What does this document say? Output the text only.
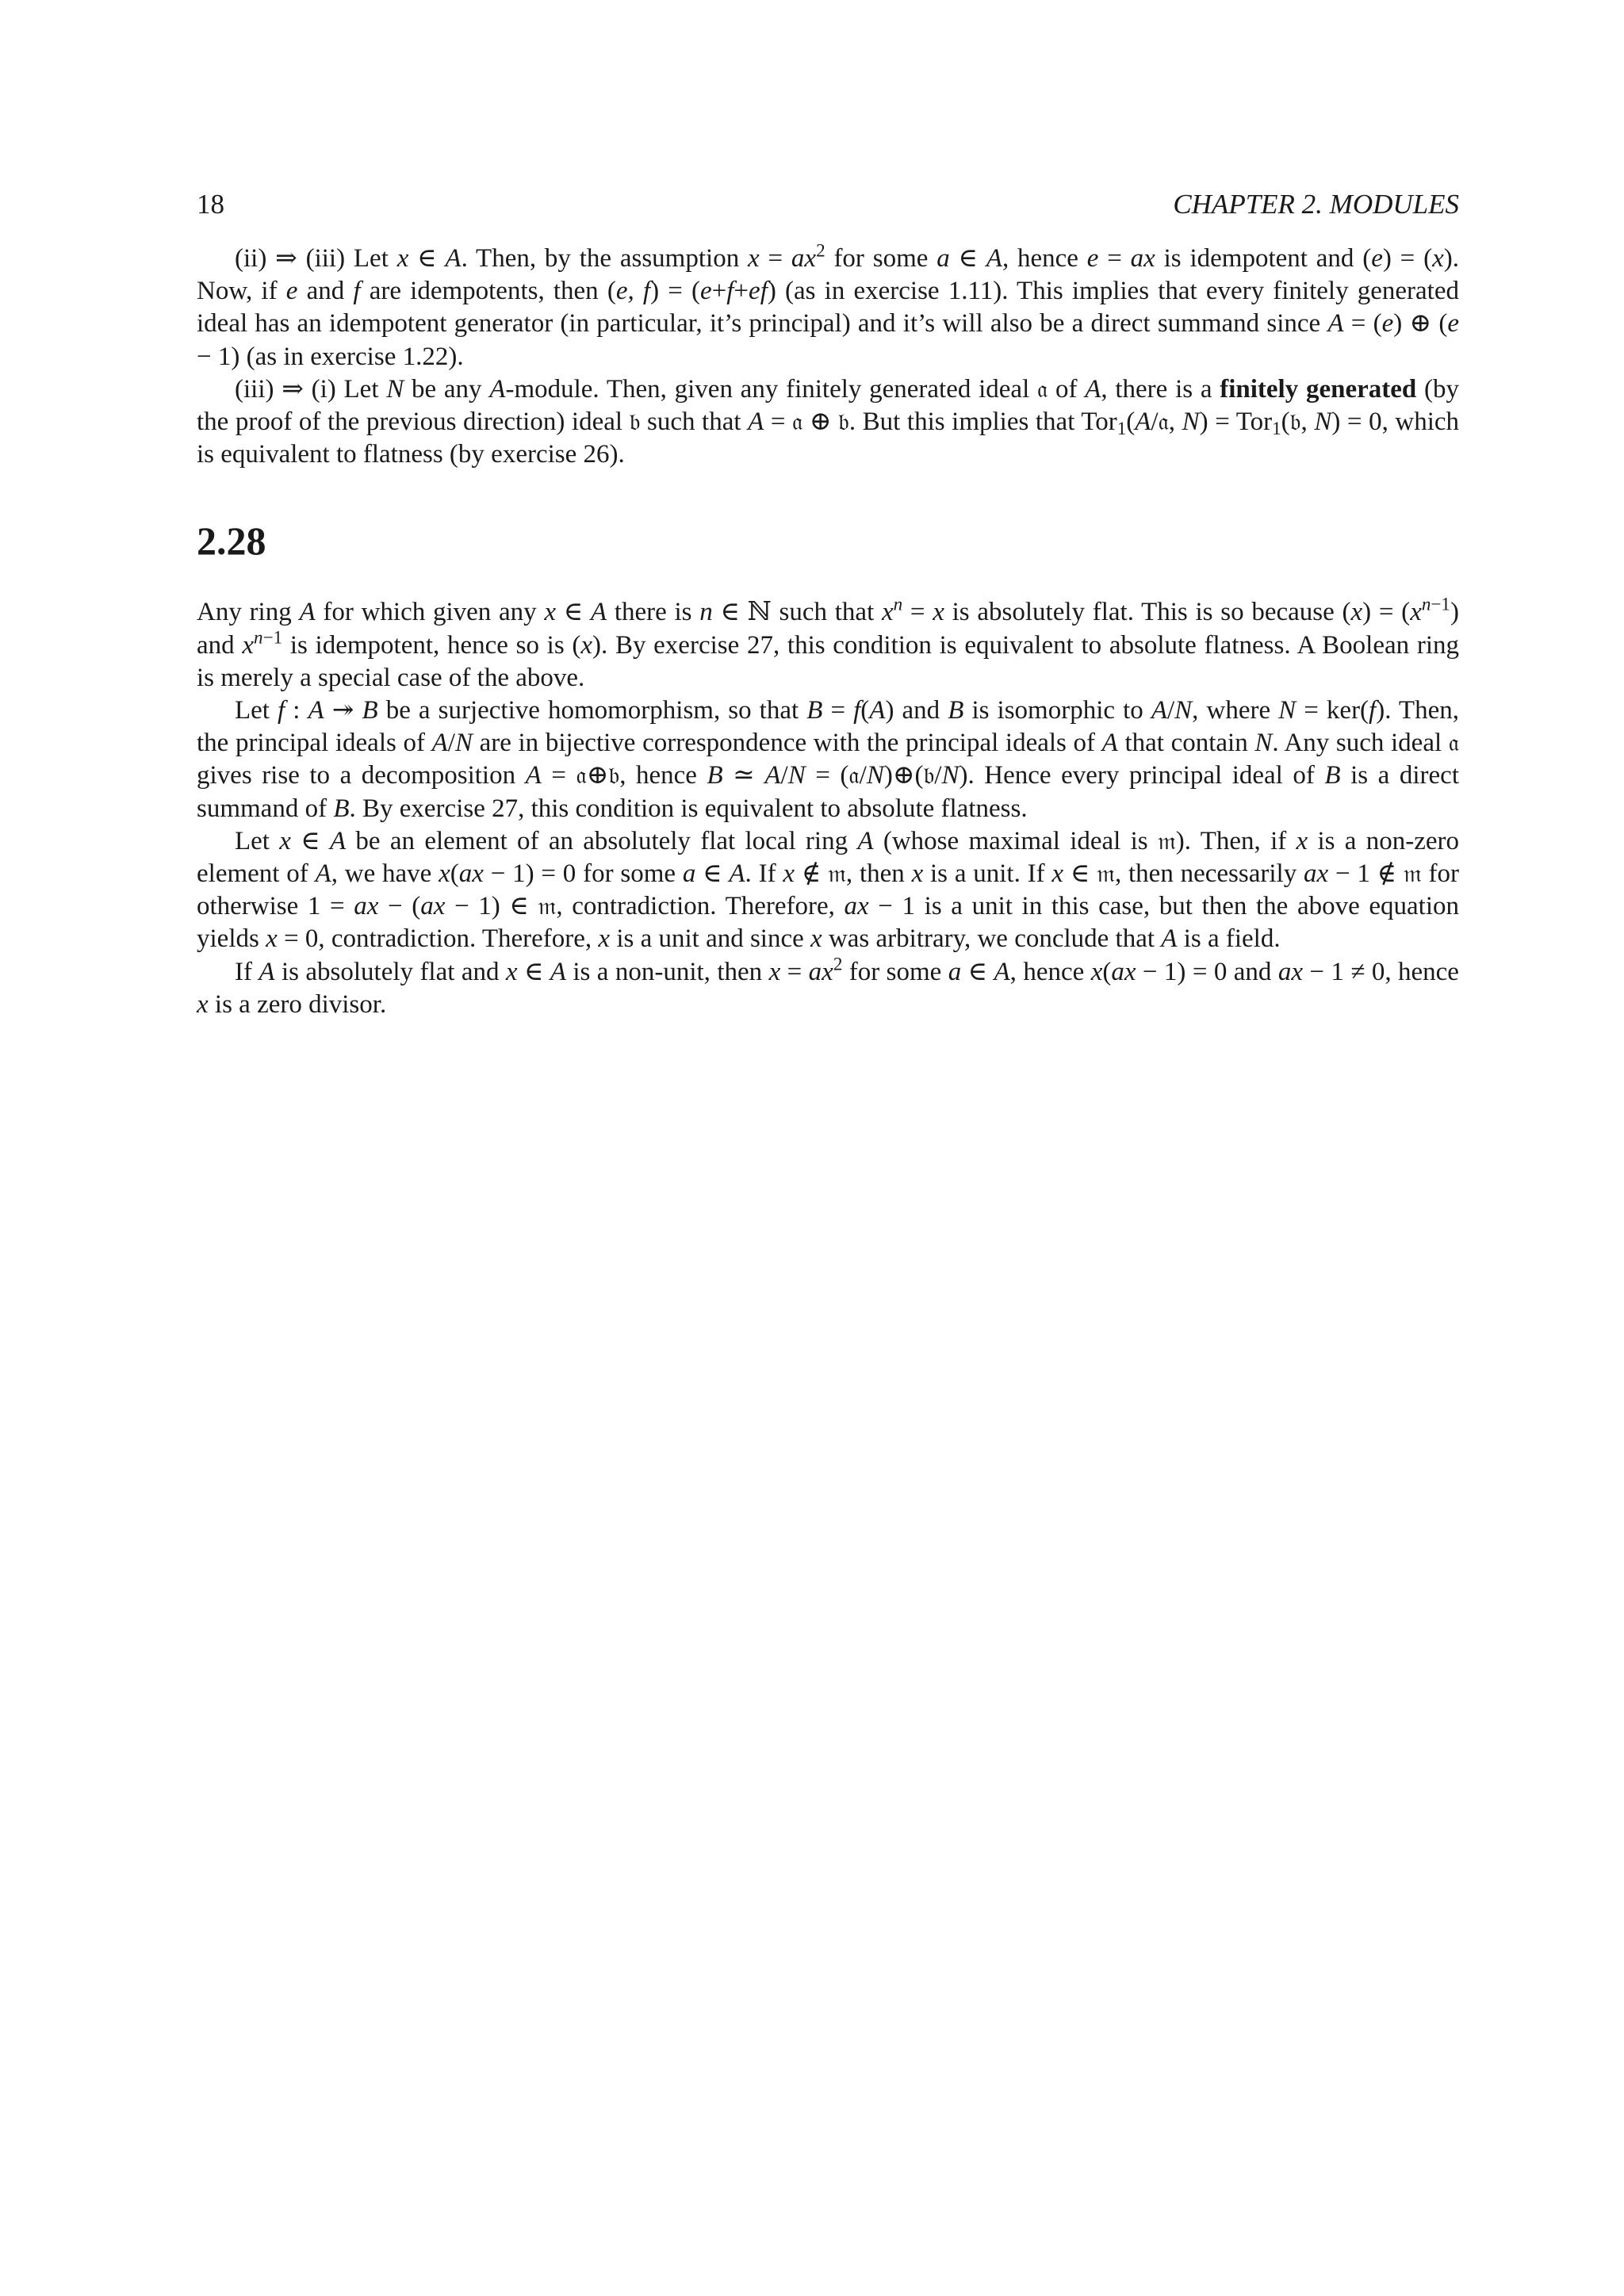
18	CHAPTER 2. MODULES

(ii) ⇒ (iii) Let x ∈ A. Then, by the assumption $x = ax^2$ for some a ∈ A, hence e = ax is idempotent and (e) = (x). Now, if e and f are idempotents, then (e, f) = (e+f+ef) (as in exercise 1.11). This implies that every finitely generated ideal has an idempotent generator (in particular, it’s principal) and it’s will also be a direct summand since A = (e) ⊕ (e − 1) (as in exercise 1.22).

(iii) ⇒ (i) Let N be any A-module. Then, given any finitely generated ideal 𝔞 of A, there is a finitely generated (by the proof of the previous direction) ideal 𝔟 such that A = 𝔞 ⊕ 𝔟. But this implies that Tor$_1$(A/𝔞, N) = Tor$_1$(𝔟, N) = 0, which is equivalent to flatness (by exercise 26).

2.28

Any ring A for which given any x ∈ A there is n ∈ ℕ such that $x^n = x$ is absolutely flat. This is so because $(x) = (x^{n-1})$ and $x^{n-1}$ is idempotent, hence so is (x). By exercise 27, this condition is equivalent to absolute flatness. A Boolean ring is merely a special case of the above.

Let f : A ↠ B be a surjective homomorphism, so that B = f(A) and B is isomorphic to A/N, where N = ker(f). Then, the principal ideals of A/N are in bijective correspondence with the principal ideals of A that contain N. Any such ideal 𝔞 gives rise to a decomposition A = 𝔞⊕𝔟, hence B ≃ A/N = (𝔞/N)⊕(𝔟/N). Hence every principal ideal of B is a direct summand of B. By exercise 27, this condition is equivalent to absolute flatness.

Let x ∈ A be an element of an absolutely flat local ring A (whose maximal ideal is 𝔪). Then, if x is a non-zero element of A, we have x(ax − 1) = 0 for some a ∈ A. If x ∉ 𝔪, then x is a unit. If x ∈ 𝔪, then necessarily ax − 1 ∉ 𝔪 for otherwise 1 = ax − (ax − 1) ∈ 𝔪, contradiction. Therefore, ax − 1 is a unit in this case, but then the above equation yields x = 0, contradiction. Therefore, x is a unit and since x was arbitrary, we conclude that A is a field.

If A is absolutely flat and x ∈ A is a non-unit, then $x = ax^2$ for some a ∈ A, hence x(ax − 1) = 0 and ax − 1 ≠ 0, hence x is a zero divisor.
